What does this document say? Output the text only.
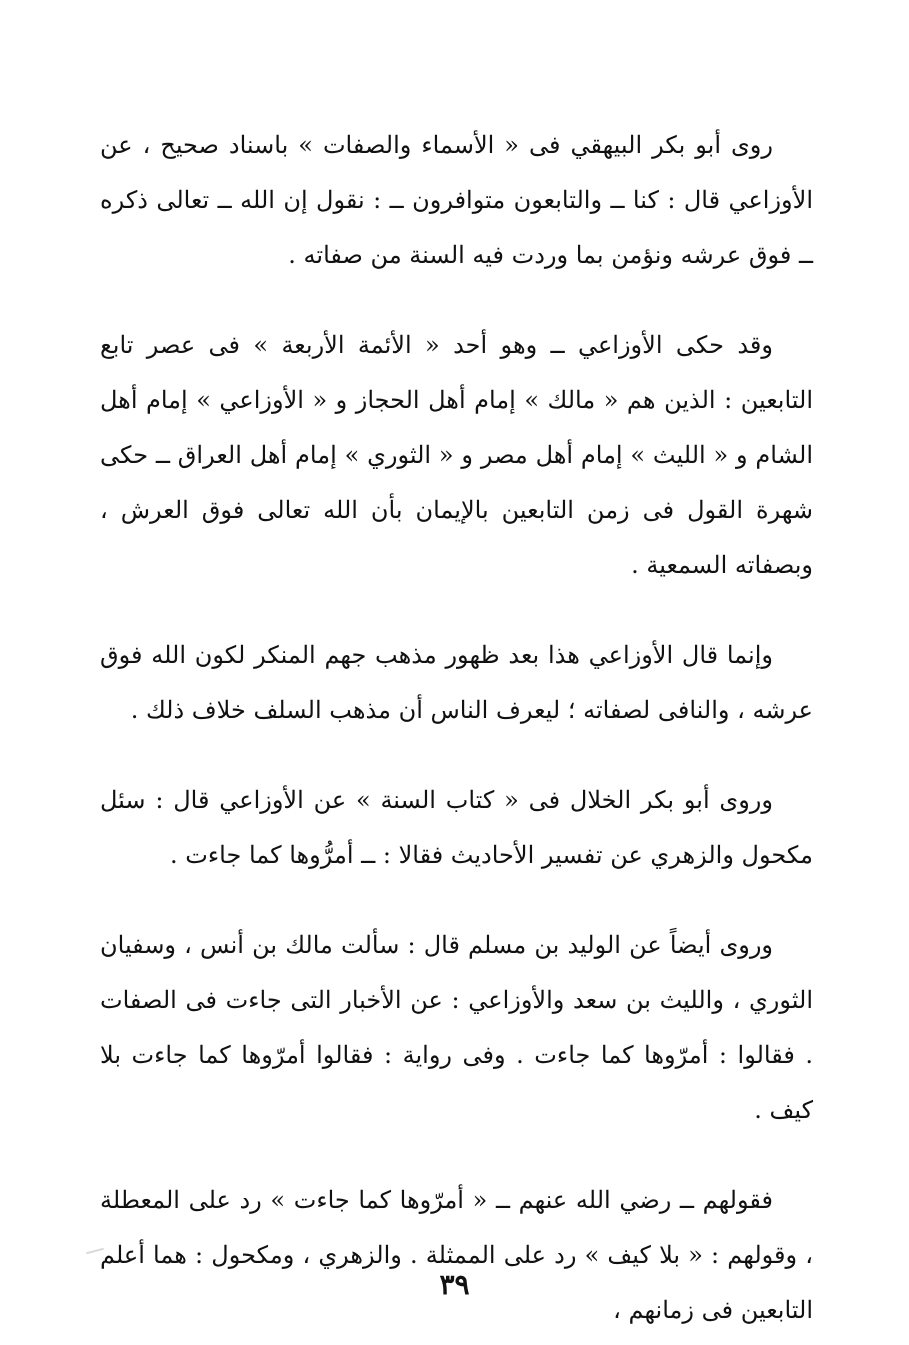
روى أبو بكر البيهقي فى « الأسماء والصفات » باسناد صحيح ، عن الأوزاعي قال : كنا ــ والتابعون متوافرون ــ : نقول إن الله ــ تعالى ذكره ــ فوق عرشه ونؤمن بما وردت فيه السنة من صفاته .

وقد حكى الأوزاعي ــ وهو أحد « الأئمة الأربعة » فى عصر تابع التابعين : الذين هم « مالك » إمام أهل الحجاز و « الأوزاعي » إمام أهل الشام و « الليث » إمام أهل مصر و « الثوري » إمام أهل العراق ــ حكى شهرة القول فى زمن التابعين بالإيمان بأن الله تعالى فوق العرش ، وبصفاته السمعية .

وإنما قال الأوزاعي هذا بعد ظهور مذهب جهم المنكر لكون الله فوق عرشه ، والنافى لصفاته ؛ ليعرف الناس أن مذهب السلف خلاف ذلك .

وروى أبو بكر الخلال فى « كتاب السنة » عن الأوزاعي قال : سئل مكحول والزهري عن تفسير الأحاديث فقالا : ــ أمرُّوها كما جاءت .

وروى أيضاً عن الوليد بن مسلم قال : سألت مالك بن أنس ، وسفيان الثوري ، والليث بن سعد والأوزاعي : عن الأخبار التى جاءت فى الصفات . فقالوا : أمرّوها كما جاءت . وفى رواية : فقالوا أمرّوها كما جاءت بلا كيف .

فقولهم ــ رضي الله عنهم ــ « أمرّوها كما جاءت » رد على المعطلة ، وقولهم : « بلا كيف » رد على الممثلة . والزهري ، ومكحول : هما أعلم التابعين فى زمانهم ،

٣٩
